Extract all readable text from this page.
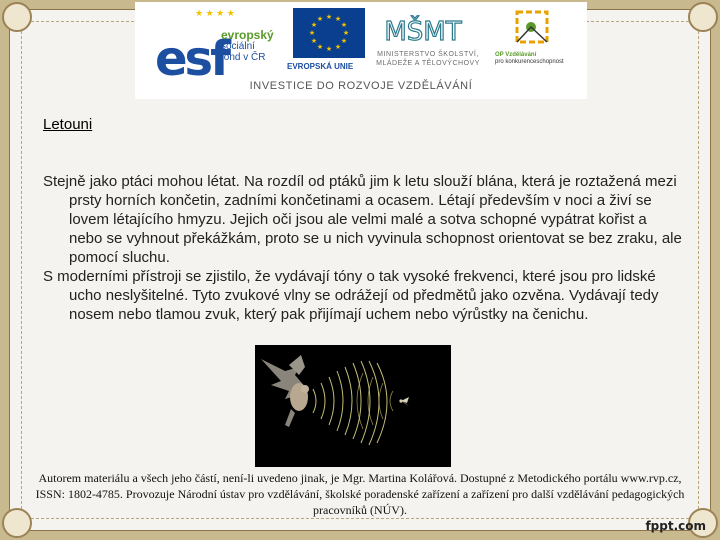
★ ★ ★ ★
esf
evropský
sociální
fond v ČR
★ ★
★
★
★
★
★
★
★
★
★
★
EVROPSKÁ UNIE
MŠMT
MINISTERSTVO ŠKOLSTVÍ,
MLÁDEŽE A TĚLOVÝCHOVY
OP Vzdělávání
pro konkurenceschopnost
INVESTICE DO ROZVOJE VZDĚLÁVÁNÍ
Letouni

Stejně jako ptáci mohou létat. Na rozdíl od ptáků jim k letu slouží blána, která je roztažená mezi prsty horních končetin, zadními končetinami a ocasem. Létají především v noci a živí se lovem létajícího hmyzu. Jejich oči jsou ale velmi malé a sotva schopné vypátrat kořist a nebo se vyhnout překážkám, proto se u nich vyvinula schopnost orientovat se bez zraku, ale pomocí sluchu.

S moderními přístroji se zjistilo, že vydávají tóny o tak vysoké frekvenci, které jsou pro lidské ucho neslyšitelné. Tyto zvukové vlny se odrážejí od předmětů jako ozvěna. Vydávají tedy nosem nebo tlamou zvuk, který pak přijímají uchem nebo výrůstky na čenichu.

Autorem materiálu a všech jeho částí, není-li uvedeno jinak, je Mgr. Martina Kolářová. Dostupné z Metodického portálu www.rvp.cz, ISSN: 1802-4785. Provozuje Národní ústav pro vzdělávání, školské poradenské zařízení a zařízení pro další vzdělávání pedagogických pracovníků (NÚV).
fppt.com
